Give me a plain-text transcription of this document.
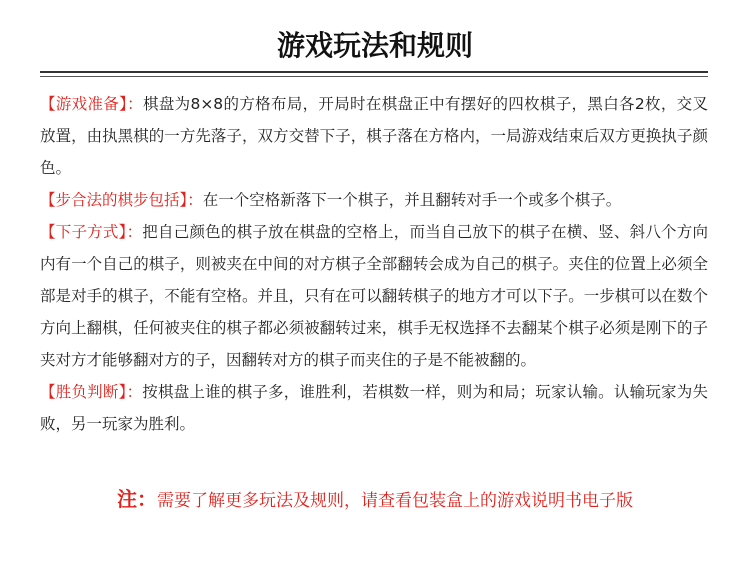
游戏玩法和规则

【游戏准备】：棋盘为8×8的方格布局，开局时在棋盘正中有摆好的四枚棋子，黑白各2枚，交叉放置，由执黑棋的一方先落子，双方交替下子，棋子落在方格内，一局游戏结束后双方更换执子颜色。

【步合法的棋步包括】：在一个空格新落下一个棋子，并且翻转对手一个或多个棋子。

【下子方式】：把自己颜色的棋子放在棋盘的空格上，而当自己放下的棋子在横、竖、斜八个方向内有一个自己的棋子，则被夹在中间的对方棋子全部翻转会成为自己的棋子。夹住的位置上必须全部是对手的棋子，不能有空格。并且，只有在可以翻转棋子的地方才可以下子。一步棋可以在数个方向上翻棋，任何被夹住的棋子都必须被翻转过来，棋手无权选择不去翻某个棋子必须是刚下的子夹对方才能够翻对方的子，因翻转对方的棋子而夹住的子是不能被翻的。

【胜负判断】：按棋盘上谁的棋子多，谁胜利，若棋数一样，则为和局；玩家认输。认输玩家为失败，另一玩家为胜利。

注：需要了解更多玩法及规则，请查看包装盒上的游戏说明书电子版
